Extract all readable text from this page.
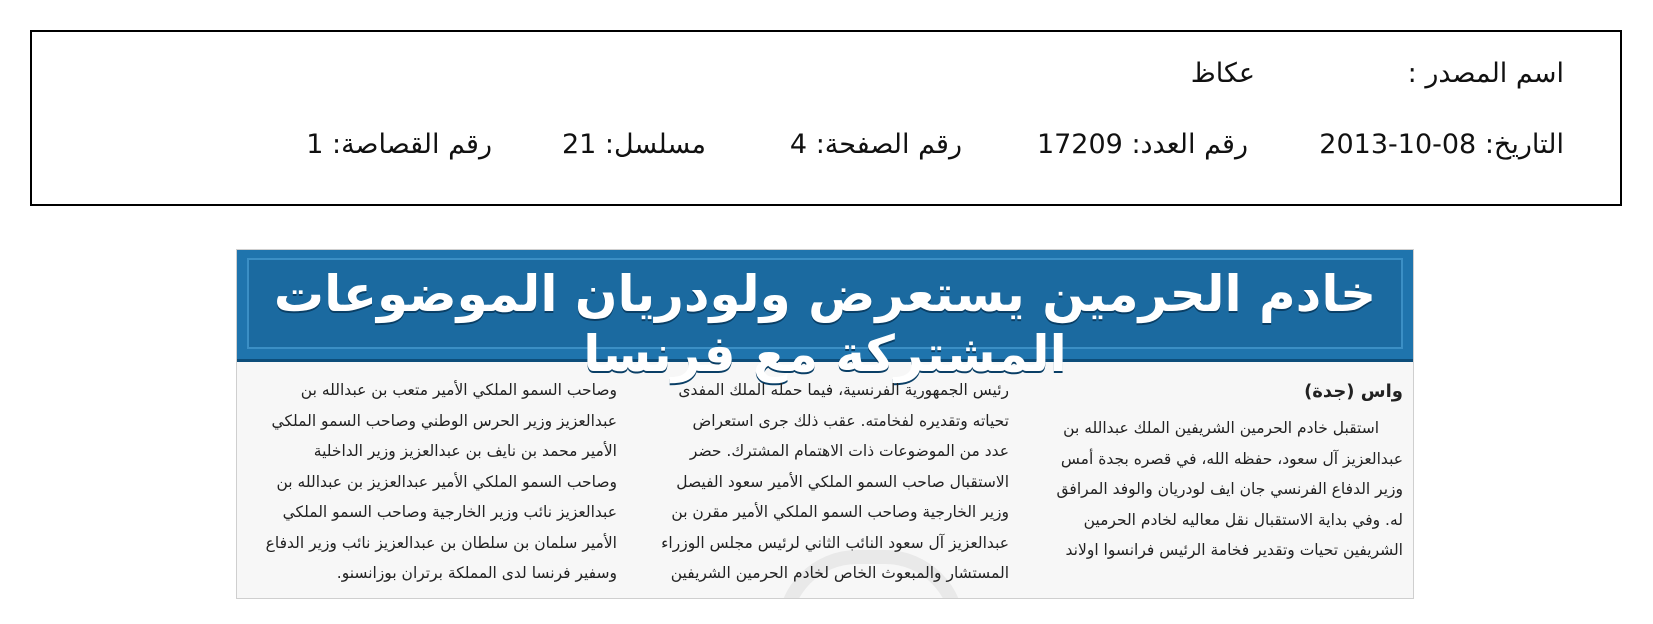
اسم المصدر :
عكاظ
التاريخ: 08-10-2013
رقم العدد: 17209
رقم الصفحة: 4
مسلسل: 21
رقم القصاصة: 1
خادم الحرمين يستعرض ولودريان الموضوعات المشتركة مع فرنسا

واس (جدة)

استقبل خادم الحرمين الشريفين الملك عبدالله بن

عبدالعزيز آل سعود، حفظه الله، في قصره بجدة أمس

وزير الدفاع الفرنسي جان ايف لودريان والوفد المرافق

له. وفي بداية الاستقبال نقل معاليه لخادم الحرمين

الشريفين تحيات وتقدير فخامة الرئيس فرانسوا اولاند

رئيس الجمهورية الفرنسية، فيما حمله الملك المفدى

تحياته وتقديره لفخامته. عقب ذلك جرى استعراض

عدد من الموضوعات ذات الاهتمام المشترك. حضر

الاستقبال صاحب السمو الملكي الأمير سعود الفيصل

وزير الخارجية وصاحب السمو الملكي الأمير مقرن بن

عبدالعزيز آل سعود النائب الثاني لرئيس مجلس الوزراء

المستشار والمبعوث الخاص لخادم الحرمين الشريفين

وصاحب السمو الملكي الأمير متعب بن عبدالله بن

عبدالعزيز وزير الحرس الوطني وصاحب السمو الملكي

الأمير محمد بن نايف بن عبدالعزيز وزير الداخلية

وصاحب السمو الملكي الأمير عبدالعزيز بن عبدالله بن

عبدالعزيز نائب وزير الخارجية وصاحب السمو الملكي

الأمير سلمان بن سلطان بن عبدالعزيز نائب وزير الدفاع

وسفير فرنسا لدى المملكة برتران بوزانسنو.
